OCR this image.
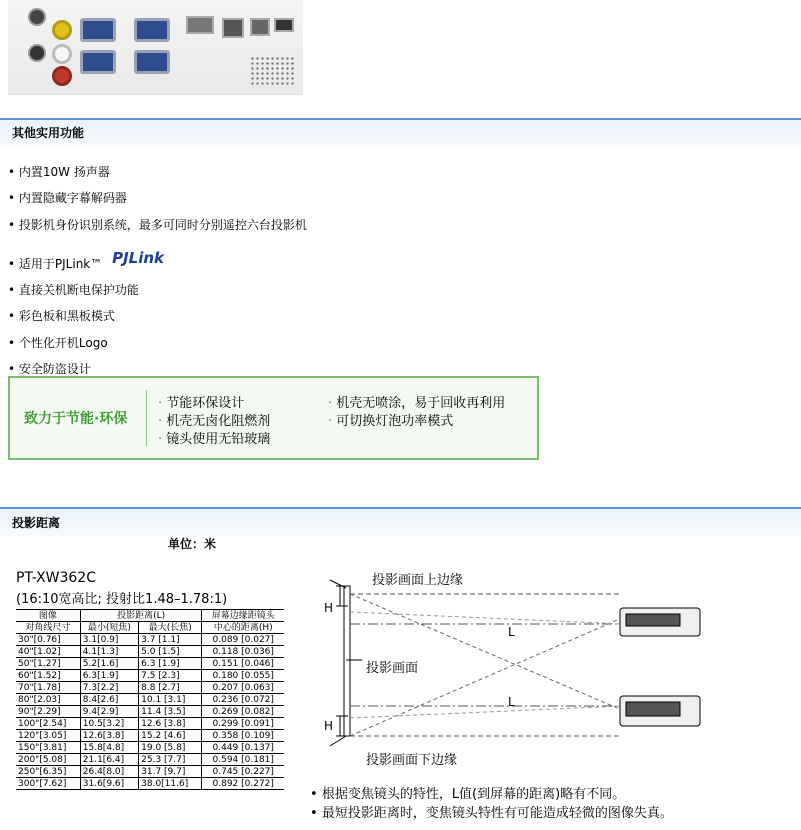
其他实用功能
• 内置10W 扬声器
• 内置隐藏字幕解码器
• 投影机身份识别系统，最多可同时分别遥控六台投影机
• 适用于PJLink™ PJLink
• 直接关机断电保护功能
• 彩色板和黑板模式
• 个性化开机Logo
• 安全防盗设计
致力于节能·环保
· 节能环保设计
· 机壳无卤化阻燃剂
· 镜头使用无铅玻璃
· 机壳无喷涂，易于回收再利用
· 可切换灯泡功率模式
投影距离
单位：米
PT-XW362C
(16:10宽高比; 投射比1.48–1.78:1)
图像	投影距离(L)		屏幕边缘距镜头
对角线尺寸	最小(短焦)	最大(长焦)	中心的距离(H)
30"[0.76]	3.1[0.9]	3.7 [1.1]	0.089 [0.027]
40"[1.02]	4.1[1.3]	5.0 [1.5]	0.118 [0.036]
50"[1.27]	5.2[1.6]	6.3 [1.9]	0.151 [0.046]
60"[1.52]	6.3[1.9]	7.5 [2.3]	0.180 [0.055]
70"[1.78]	7.3[2.2]	8.8 [2.7]	0.207 [0.063]
80"[2.03]	8.4[2.6]	10.1 [3.1]	0.236 [0.072]
90"[2.29]	9.4[2.9]	11.4 [3.5]	0.269 [0.082]
100"[2.54]	10.5[3.2]	12.6 [3.8]	0.299 [0.091]
120"[3.05]	12.6[3.8]	15.2 [4.6]	0.358 [0.109]
150"[3.81]	15.8[4.8]	19.0 [5.8]	0.449 [0.137]
200"[5.08]	21.1[6.4]	25.3 [7.7]	0.594 [0.181]
250"[6.35]	26.4[8.0]	31.7 [9.7]	0.745 [0.227]
300"[7.62]	31.6[9.6]	38.0[11.6]	0.892 [0.272]
H
H
L
L
投影画面上边缘
投影画面
投影画面下边缘
• 根据变焦镜头的特性，L值(到屏幕的距离)略有不同。
• 最短投影距离时，变焦镜头特性有可能造成轻微的图像失真。
